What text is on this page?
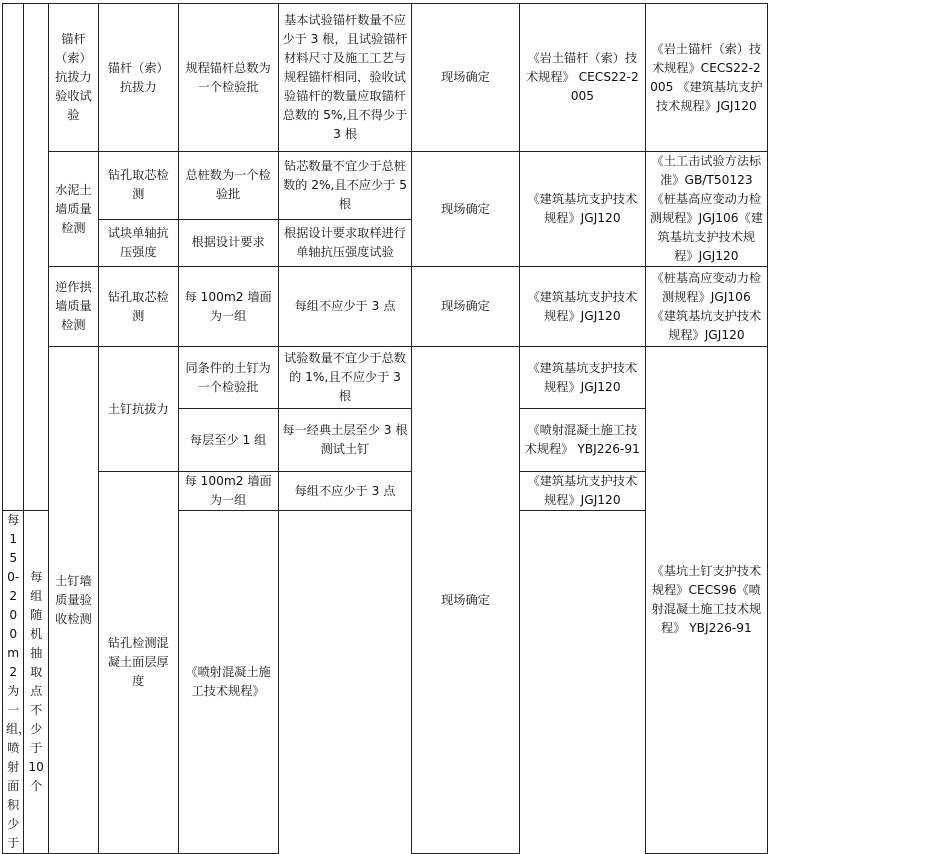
		锚杆（索）抗拔力验收试验	锚杆（索）抗拔力	规程锚杆总数为一个检验批	基本试验锚杆数量不应少于 3 根，且试验锚杆材料尺寸及施工工艺与规程锚杆相同，验收试验锚杆的数量应取锚杆总数的 5%,且不得少于 3 根	现场确定	《岩土锚杆（索）技术规程》 CECS22-2005	《岩土锚杆（索）技术规程》CECS22-2005 《建筑基坑支护技术规程》JGJ120
		水泥土墙质量检测	钻孔取芯检测	总桩数为一个检验批	钻芯数量不宜少于总桩数的 2%,且不应少于 5 根	现场确定	《建筑基坑支护技术规程》JGJ120	《土工击试验方法标准》GB/T50123《桩基高应变动力检测规程》JGJ106《建筑基坑支护技术规程》JGJ120
			试块单轴抗压强度	根据设计要求	根据设计要求取样进行单轴抗压强度试验			
		逆作拱墙质量检测	钻孔取芯检测	每 100m2 墙面为一组	每组不应少于 3 点	现场确定	《建筑基坑支护技术规程》JGJ120	《桩基高应变动力检测规程》JGJ106 《建筑基坑支护技术规程》JGJ120
		土钉墙质量验收检测	土钉抗拔力	同条件的土钉为一个检验批	试验数量不宜少于总数的 1%,且不应少于 3 根	现场确定	《建筑基坑支护技术规程》JGJ120	《基坑土钉支护技术规程》CECS96《喷射混凝土施工技术规程》 YBJ226-91
				每层至少 1 组	每一经典土层至少 3 根测试土钉		《喷射混凝土施工技术规程》 YBJ226-91	
			钻孔检测混凝土面层厚度	每 100m2 墙面为一组	每组不应少于 3 点		《建筑基坑支护技术规程》JGJ120	
每 150-200m2 为一组，喷射面积少于	每组随机抽取点不少于 10 个			《喷射混凝土施工技术规程》				
